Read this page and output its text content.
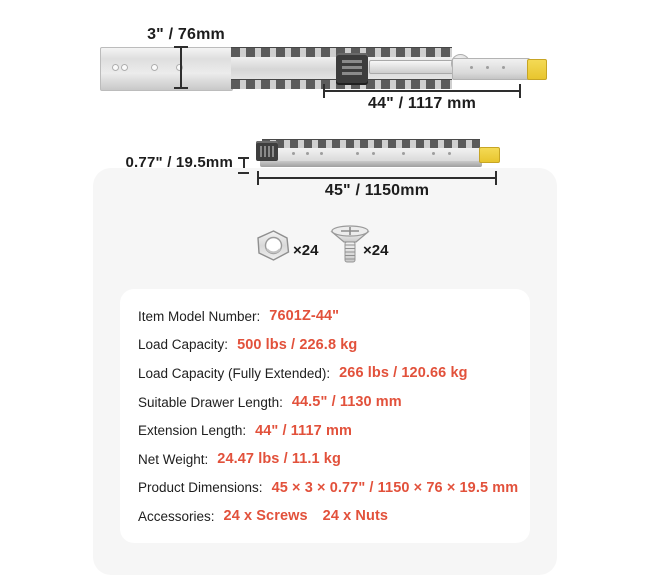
3" / 76mm
44" / 1117 mm
0.77" / 19.5mm
45" / 1150mm
×24	×24
Item Model Number: 7601Z-44"
Load Capacity: 500 lbs / 226.8 kg
Load Capacity (Fully Extended): 266 lbs / 120.66 kg
Suitable Drawer Length: 44.5" / 1130 mm
Extension Length: 44" / 1117 mm
Net Weight: 24.47 lbs / 11.1 kg
Product Dimensions: 45 × 3 × 0.77" / 1150 × 76 × 19.5 mm
Accessories: 24 x Screws 24 x Nuts
